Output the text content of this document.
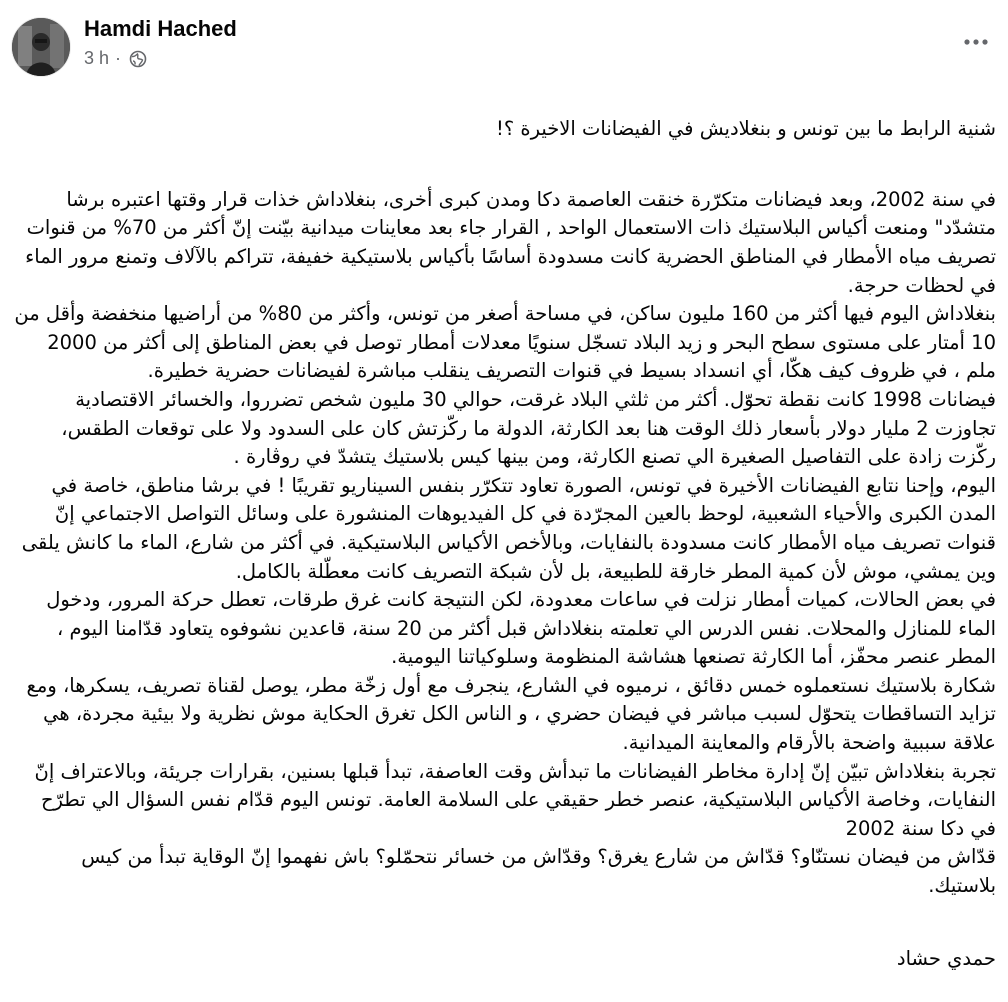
Hamdi Hached
3 h ·

شنية الرابط ما بين تونس و بنغلاديش في الفيضانات الاخيرة ؟!

في سنة 2002، وبعد فيضانات متكرّرة خنقت العاصمة دكا ومدن كبرى أخرى، بنغلاداش خذات قرار وقتها اعتبره برشا متشدّد" ومنعت أكياس البلاستيك ذات الاستعمال الواحد , القرار جاء بعد معاينات ميدانية بيّنت إنّ أكثر من 70% من قنوات تصريف مياه الأمطار في المناطق الحضرية كانت مسدودة أساسًا بأكياس بلاستيكية خفيفة، تتراكم بالآلاف وتمنع مرور الماء في لحظات حرجة.
بنغلاداش اليوم فيها أكثر من 160 مليون ساكن، في مساحة أصغر من تونس، وأكثر من 80% من أراضيها منخفضة وأقل من 10 أمتار على مستوى سطح البحر و زيد البلاد تسجّل سنويًا معدلات أمطار توصل في بعض المناطق إلى أكثر من 2000 ملم ، في ظروف كيف هكّا، أي انسداد بسيط في قنوات التصريف ينقلب مباشرة لفيضانات حضرية خطيرة.
فيضانات 1998 كانت نقطة تحوّل. أكثر من ثلثي البلاد غرقت، حوالي 30 مليون شخص تضرروا، والخسائر الاقتصادية تجاوزت 2 مليار دولار بأسعار ذلك الوقت هنا بعد الكارثة، الدولة ما ركّزتش كان على السدود ولا على توقعات الطقس، ركّزت زادة على التفاصيل الصغيرة الي تصنع الكارثة، ومن بينها كيس بلاستيك يتشدّ في روڨارة .
اليوم، وإحنا نتابع الفيضانات الأخيرة في تونس، الصورة تعاود تتكرّر بنفس السيناريو تقريبًا ! في برشا مناطق، خاصة في المدن الكبرى والأحياء الشعبية، لوحظ بالعين المجرّدة في كل الفيديوهات المنشورة على وسائل التواصل الاجتماعي إنّ قنوات تصريف مياه الأمطار كانت مسدودة بالنفايات، وبالأخص الأكياس البلاستيكية. في أكثر من شارع، الماء ما كانش يلقى وين يمشي، موش لأن كمية المطر خارقة للطبيعة، بل لأن شبكة التصريف كانت معطّلة بالكامل.
في بعض الحالات، كميات أمطار نزلت في ساعات معدودة، لكن النتيجة كانت غرق طرقات، تعطل حركة المرور، ودخول الماء للمنازل والمحلات. نفس الدرس الي تعلمته بنغلاداش قبل أكثر من 20 سنة، قاعدين نشوفوه يتعاود قدّامنا اليوم ، المطر عنصر محفّز، أما الكارثة تصنعها هشاشة المنظومة وسلوكياتنا اليومية.
شكارة بلاستيك نستعملوه خمس دقائق ، نرميوه في الشارع، ينجرف مع أول زخّة مطر، يوصل لقناة تصريف، يسكرها، ومع تزايد التساقطات يتحوّل لسبب مباشر في فيضان حضري ، و الناس الكل تغرق الحكاية موش نظرية ولا بيئية مجردة، هي علاقة سببية واضحة بالأرقام والمعاينة الميدانية.
تجربة بنغلاداش تبيّن إنّ إدارة مخاطر الفيضانات ما تبدأش وقت العاصفة، تبدأ قبلها بسنين، بقرارات جريئة، وبالاعتراف إنّ النفايات، وخاصة الأكياس البلاستيكية، عنصر خطر حقيقي على السلامة العامة. تونس اليوم قدّام نفس السؤال الي تطرّح في دكا سنة 2002
قدّاش من فيضان نستنّاو؟ قدّاش من شارع يغرق؟ وقدّاش من خسائر نتحمّلو؟ باش نفهموا إنّ الوقاية تبدأ من كيس بلاستيك.

حمدي حشاد
